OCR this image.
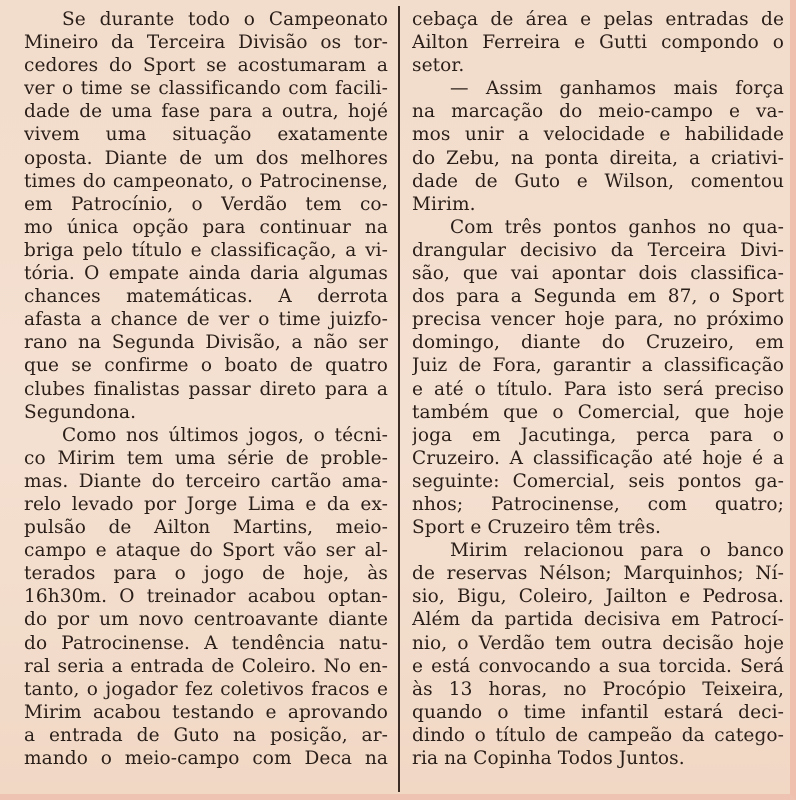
Se durante todo o Campeonato
Mineiro da Terceira Divisão os tor-
cedores do Sport se acostumaram a
ver o time se classificando com facili-
dade de uma fase para a outra, hojé
vivem uma situação exatamente
oposta. Diante de um dos melhores
times do campeonato, o Patrocinense,
em Patrocínio, o Verdão tem co-
mo única opção para continuar na
briga pelo título e classificação, a vi-
tória. O empate ainda daria algumas
chances matemáticas. A derrota
afasta a chance de ver o time juizfo-
rano na Segunda Divisão, a não ser
que se confirme o boato de quatro
clubes finalistas passar direto para a
Segundona.
Como nos últimos jogos, o técni-
co Mirim tem uma série de proble-
mas. Diante do terceiro cartão ama-
relo levado por Jorge Lima e da ex-
pulsão de Ailton Martins, meio-
campo e ataque do Sport vão ser al-
terados para o jogo de hoje, às
16h30m. O treinador acabou optan-
do por um novo centroavante diante
do Patrocinense. A tendência natu-
ral seria a entrada de Coleiro. No en-
tanto, o jogador fez coletivos fracos e
Mirim acabou testando e aprovando
a entrada de Guto na posição, ar-
mando o meio-campo com Deca na
cebaça de área e pelas entradas de
Ailton Ferreira e Gutti compondo o
setor.
— Assim ganhamos mais força
na marcação do meio-campo e va-
mos unir a velocidade e habilidade
do Zebu, na ponta direita, a criativi-
dade de Guto e Wilson, comentou
Mirim.
Com três pontos ganhos no qua-
drangular decisivo da Terceira Divi-
são, que vai apontar dois classifica-
dos para a Segunda em 87, o Sport
precisa vencer hoje para, no próximo
domingo, diante do Cruzeiro, em
Juiz de Fora, garantir a classificação
e até o título. Para isto será preciso
também que o Comercial, que hoje
joga em Jacutinga, perca para o
Cruzeiro. A classificação até hoje é a
seguinte: Comercial, seis pontos ga-
nhos; Patrocinense, com quatro;
Sport e Cruzeiro têm três.
Mirim relacionou para o banco
de reservas Nélson; Marquinhos; Ní-
sio, Bigu, Coleiro, Jailton e Pedrosa.
Além da partida decisiva em Patrocí-
nio, o Verdão tem outra decisão hoje
e está convocando a sua torcida. Será
às 13 horas, no Procópio Teixeira,
quando o time infantil estará deci-
dindo o título de campeão da catego-
ria na Copinha Todos Juntos.
